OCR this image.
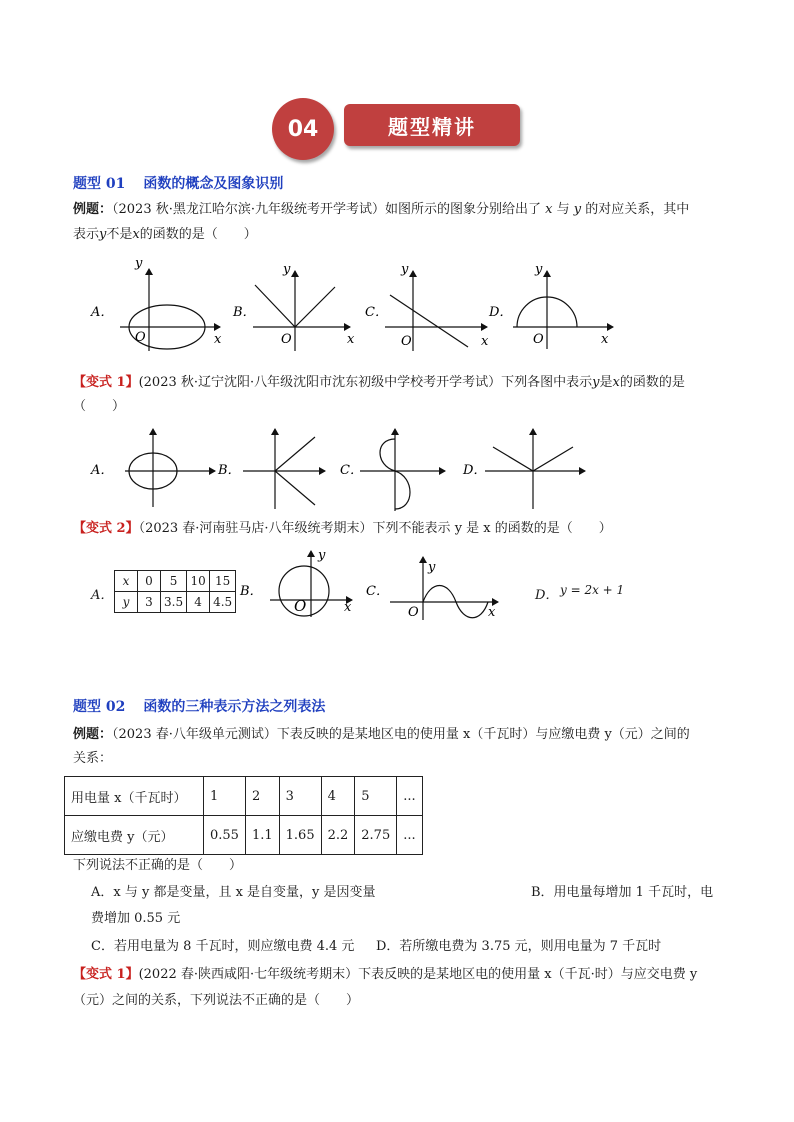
04	题型精讲
题型 01 函数的概念及图象识别
例题：（2023 秋·黑龙江哈尔滨·九年级统考开学考试）如图所示的图象分别给出了 x 与 y 的对应关系，其中
表示y不是x的函数的是（　　）
A．
y
x
O
B．
y
x
O
C．
y
x
O
D．
y
x
O
【变式 1】(2023 秋·辽宁沈阳·八年级沈阳市沈东初级中学校考开学考试）下列各图中表示y是x的函数的是
（　　）
A．	B．	C．	D．
【变式 2】（2023 春·河南驻马店·八年级统考期末）下列不能表示 y 是 x 的函数的是（　　）
A．
x	0	5	10	15
y	3	3.5	4	4.5
B．
y
x
O
C．
y
x
O
D． y = 2x + 1
题型 02 函数的三种表示方法之列表法
例题：（2023 春·八年级单元测试）下表反映的是某地区电的使用量 x（千瓦时）与应缴电费 y（元）之间的
关系：
用电量 x（千瓦时）	1	2	3	4	5	...
应缴电费 y（元）	0.55	1.1	1.65	2.2	2.75	...
下列说法不正确的是（　　）
A．x 与 y 都是变量，且 x 是自变量，y 是因变量	B．用电量每增加 1 千瓦时，电
费增加 0.55 元
C．若用电量为 8 千瓦时，则应缴电费 4.4 元 D．若所缴电费为 3.75 元，则用电量为 7 千瓦时
【变式 1】(2022 春·陕西咸阳·七年级统考期末）下表反映的是某地区电的使用量 x（千瓦·时）与应交电费 y
（元）之间的关系，下列说法不正确的是（　　）
